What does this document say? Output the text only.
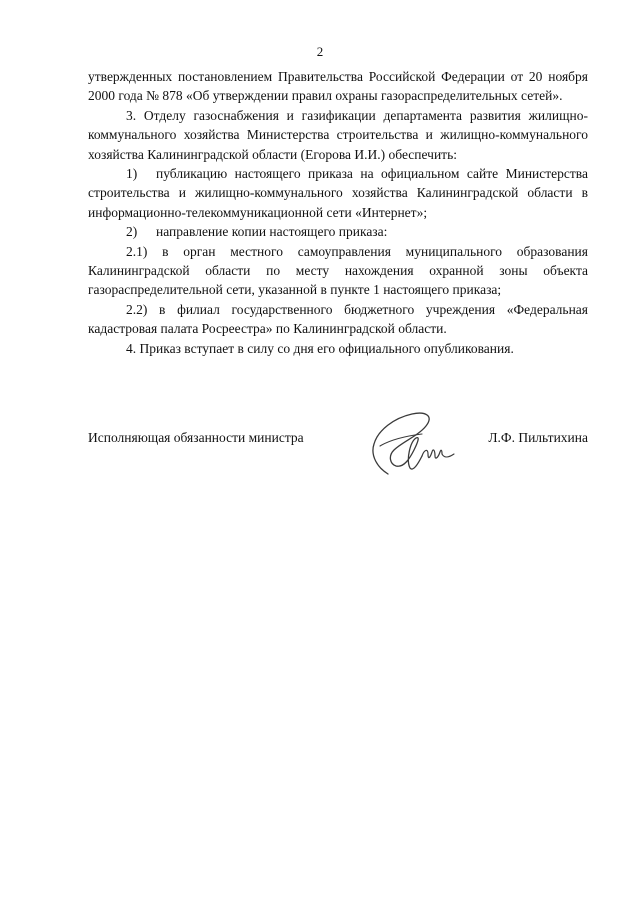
2

утвержденных постановлением Правительства Российской Федерации от 20 ноября 2000 года № 878 «Об утверждении правил охраны газораспределительных сетей».

3. Отделу газоснабжения и газификации департамента развития жилищно-коммунального хозяйства Министерства строительства и жилищно-коммунального хозяйства Калининградской области (Егорова И.И.) обеспечить:

1) публикацию настоящего приказа на официальном сайте Министерства строительства и жилищно-коммунального хозяйства Калининградской области в информационно-телекоммуникационной сети «Интернет»;

2) направление копии настоящего приказа:

2.1) в орган местного самоуправления муниципального образования Калининградской области по месту нахождения охранной зоны объекта газораспределительной сети, указанной в пункте 1 настоящего приказа;

2.2) в филиал государственного бюджетного учреждения «Федеральная кадастровая палата Росреестра» по Калининградской области.

4. Приказ вступает в силу со дня его официального опубликования.

Исполняющая обязанности министра	Л.Ф. Пильтихина
